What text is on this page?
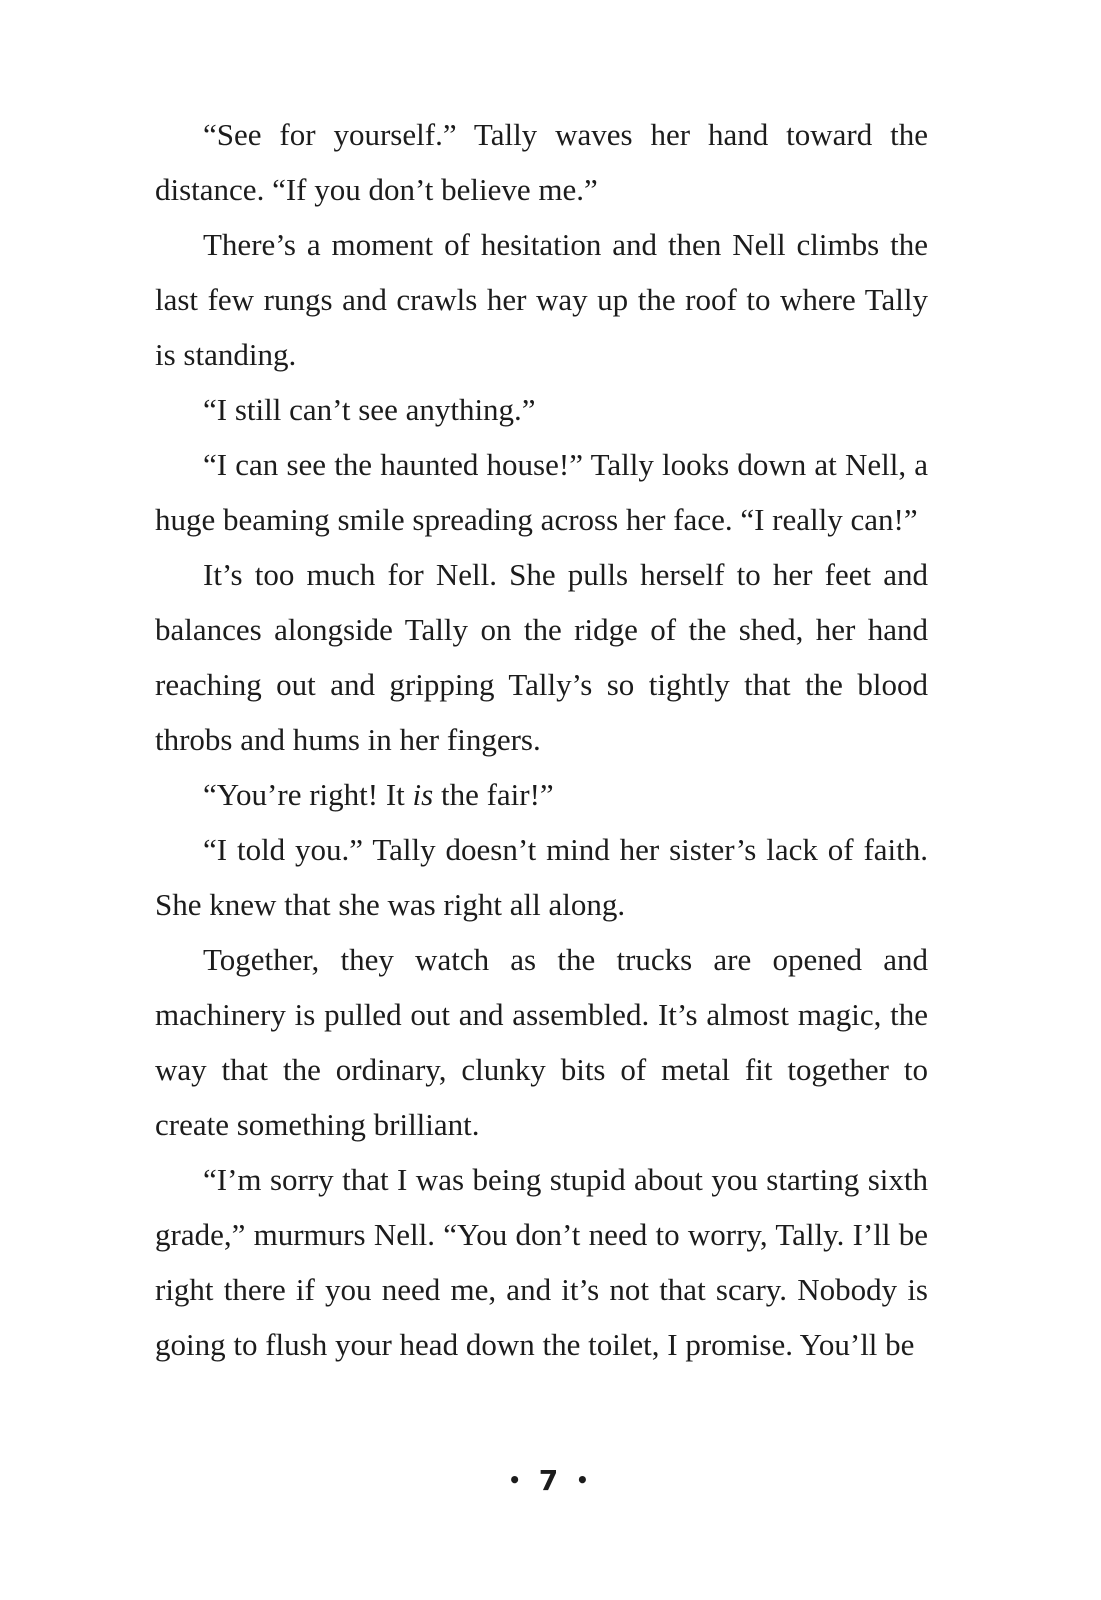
“See for yourself.” Tally waves her hand toward the distance. “If you don’t believe me.”

There’s a moment of hesitation and then Nell climbs the last few rungs and crawls her way up the roof to where Tally is standing.

“I still can’t see anything.”

“I can see the haunted house!” Tally looks down at Nell, a huge beaming smile spreading across her face. “I really can!”

It’s too much for Nell. She pulls herself to her feet and balances alongside Tally on the ridge of the shed, her hand reaching out and gripping Tally’s so tightly that the blood throbs and hums in her fingers.

“You’re right! It is the fair!”

“I told you.” Tally doesn’t mind her sister’s lack of faith. She knew that she was right all along.

Together, they watch as the trucks are opened and machinery is pulled out and assembled. It’s almost magic, the way that the ordinary, clunky bits of metal fit together to create something brilliant.

“I’m sorry that I was being stupid about you starting sixth grade,” murmurs Nell. “You don’t need to worry, Tally. I’ll be right there if you need me, and it’s not that scary. Nobody is going to flush your head down the toilet, I promise. You’ll be

• 7 •
